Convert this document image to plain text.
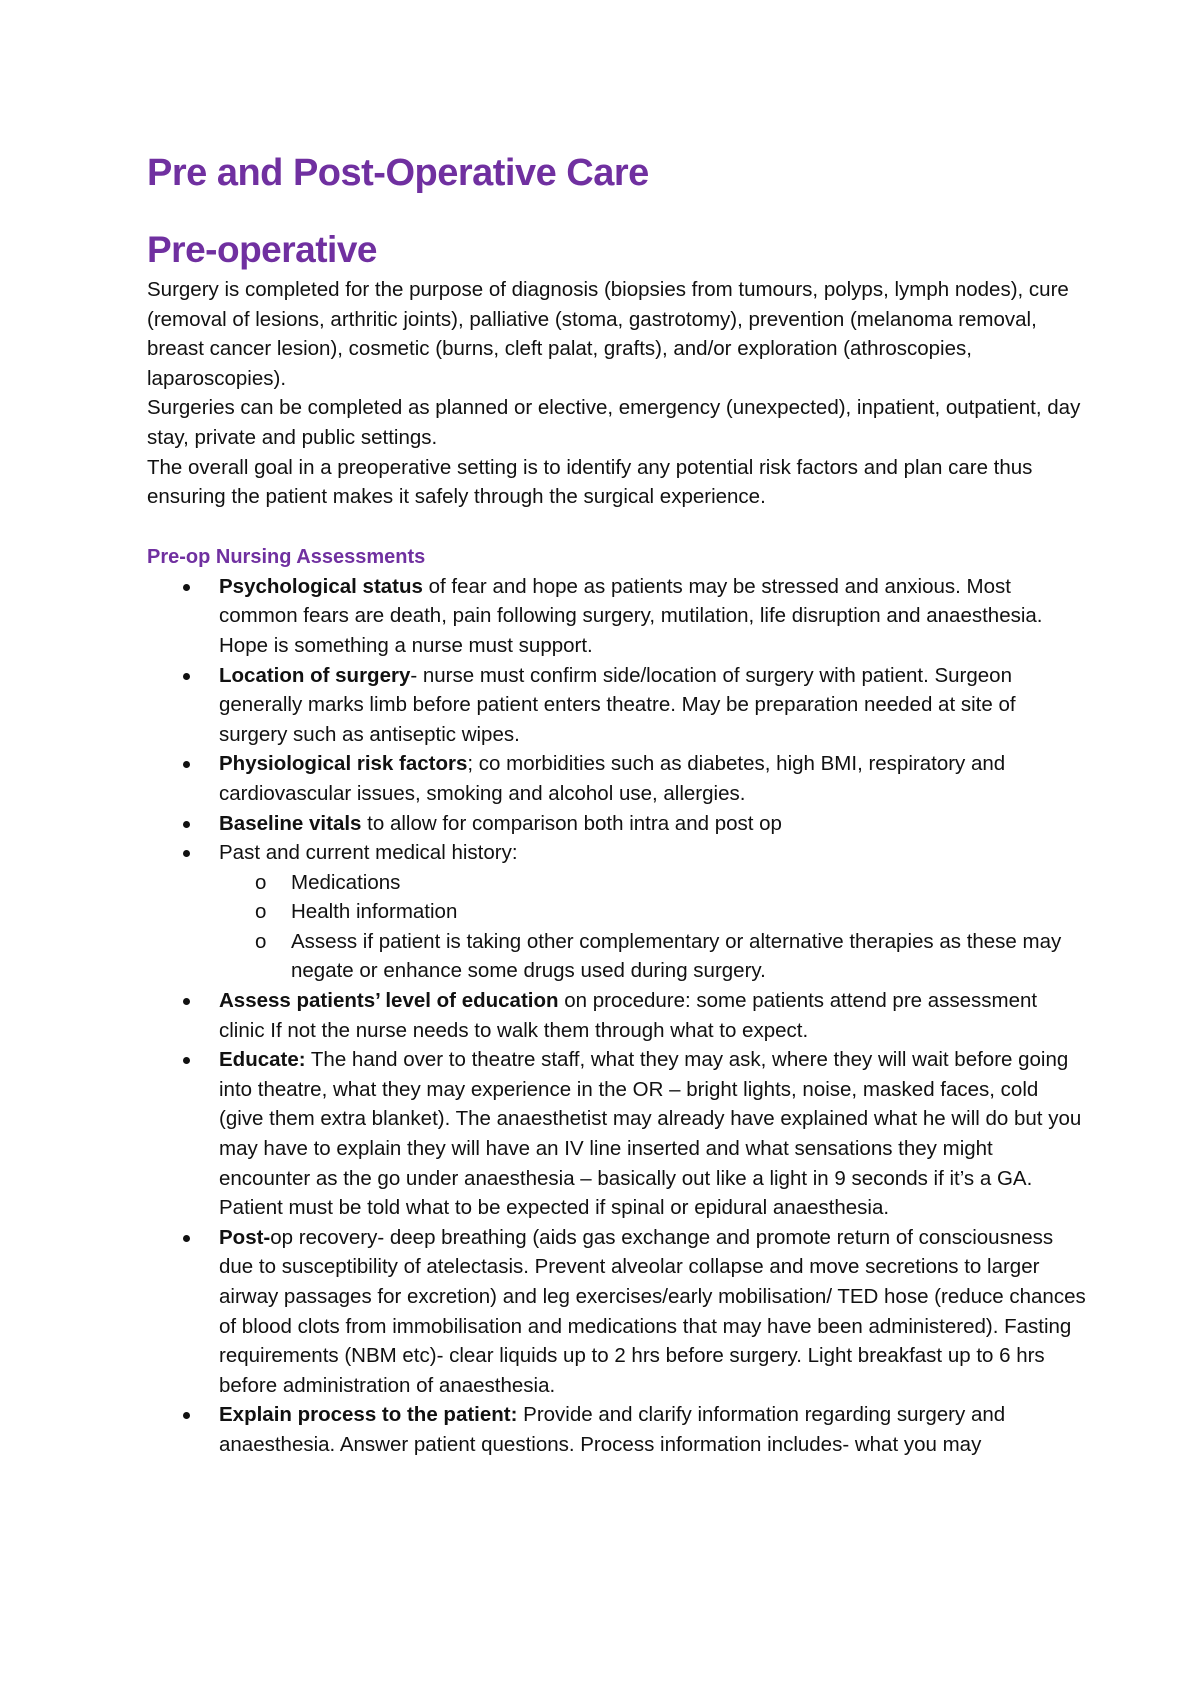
Pre and Post-Operative Care
Pre-operative

Surgery is completed for the purpose of diagnosis (biopsies from tumours, polyps, lymph nodes), cure (removal of lesions, arthritic joints), palliative (stoma, gastrotomy), prevention (melanoma removal, breast cancer lesion), cosmetic (burns, cleft palat, grafts), and/or exploration (athroscopies, laparoscopies).

Surgeries can be completed as planned or elective, emergency (unexpected), inpatient, outpatient, day stay, private and public settings.

The overall goal in a preoperative setting is to identify any potential risk factors and plan care thus ensuring the patient makes it safely through the surgical experience.

Pre-op Nursing Assessments
Psychological status of fear and hope as patients may be stressed and anxious. Most common fears are death, pain following surgery, mutilation, life disruption and anaesthesia. Hope is something a nurse must support.
Location of surgery- nurse must confirm side/location of surgery with patient. Surgeon generally marks limb before patient enters theatre. May be preparation needed at site of surgery such as antiseptic wipes.
Physiological risk factors; co morbidities such as diabetes, high BMI, respiratory and cardiovascular issues, smoking and alcohol use, allergies.
Baseline vitals to allow for comparison both intra and post op
Past and current medical history:
o Medications
o Health information
o Assess if patient is taking other complementary or alternative therapies as these may negate or enhance some drugs used during surgery.
Assess patients’ level of education on procedure: some patients attend pre assessment clinic If not the nurse needs to walk them through what to expect.
Educate: The hand over to theatre staff, what they may ask, where they will wait before going into theatre, what they may experience in the OR – bright lights, noise, masked faces, cold (give them extra blanket). The anaesthetist may already have explained what he will do but you may have to explain they will have an IV line inserted and what sensations they might encounter as the go under anaesthesia – basically out like a light in 9 seconds if it’s a GA. Patient must be told what to be expected if spinal or epidural anaesthesia.
Post-op recovery- deep breathing (aids gas exchange and promote return of consciousness due to susceptibility of atelectasis. Prevent alveolar collapse and move secretions to larger airway passages for excretion) and leg exercises/early mobilisation/ TED hose (reduce chances of blood clots from immobilisation and medications that may have been administered). Fasting requirements (NBM etc)- clear liquids up to 2 hrs before surgery. Light breakfast up to 6 hrs before administration of anaesthesia.
Explain process to the patient: Provide and clarify information regarding surgery and anaesthesia. Answer patient questions. Process information includes- what you may
